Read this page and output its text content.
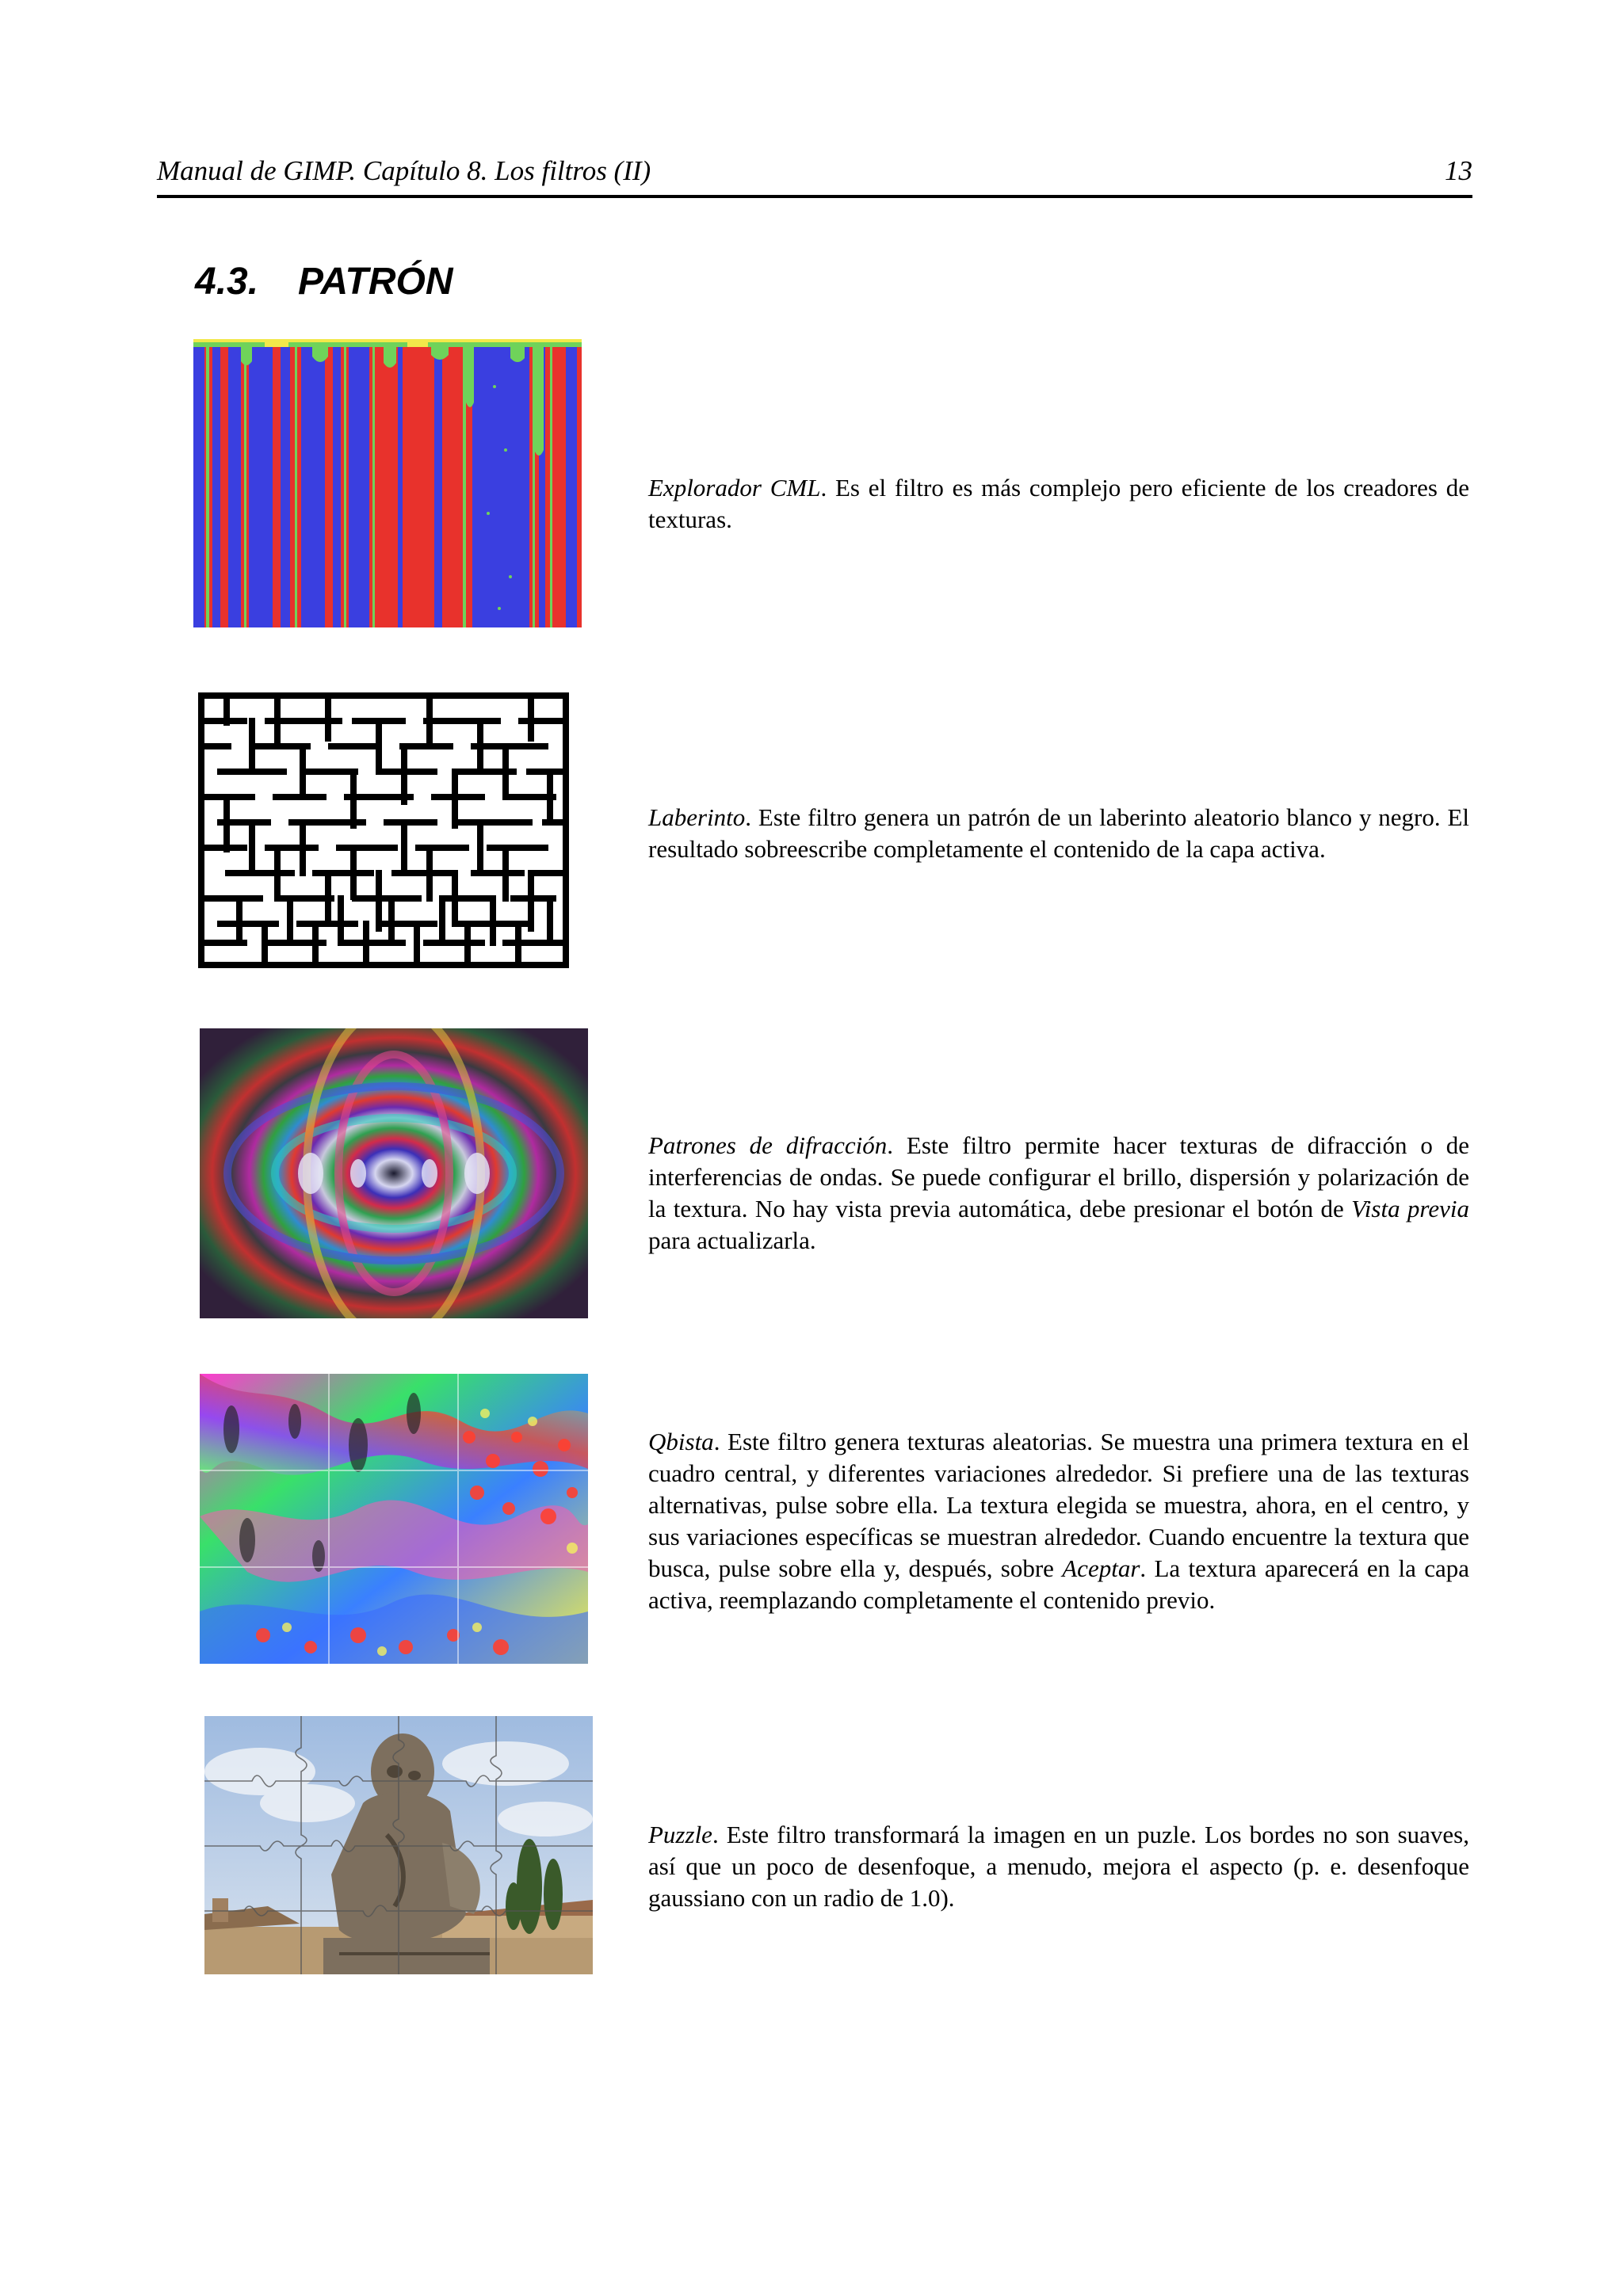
Manual de GIMP. Capítulo 8. Los filtros (II)	13
4.3. PATRÓN
Explorador CML. Es el filtro es más complejo pero eficiente de los creadores de texturas.
Laberinto. Este filtro genera un patrón de un laberinto aleatorio blanco y negro. El resultado sobreescribe completamente el contenido de la capa activa.
Patrones de difracción. Este filtro permite hacer texturas de difracción o de interferencias de ondas. Se puede configurar el brillo, dispersión y polarización de la textura. No hay vista previa automática, debe presionar el botón de Vista previa para actualizarla.
Qbista. Este filtro genera texturas aleatorias. Se muestra una primera textura en el cuadro central, y diferentes variaciones alrededor. Si prefiere una de las texturas alternativas, pulse sobre ella. La textura elegida se muestra, ahora, en el centro, y sus variaciones específicas se muestran alrededor. Cuando encuentre la textura que busca, pulse sobre ella y, después, sobre Aceptar. La textura aparecerá en la capa activa, reemplazando completamente el contenido previo.
Puzzle. Este filtro transformará la imagen en un puzle. Los bordes no son suaves, así que un poco de desenfoque, a menudo, mejora el aspecto (p. e. desenfoque gaussiano con un radio de 1.0).
